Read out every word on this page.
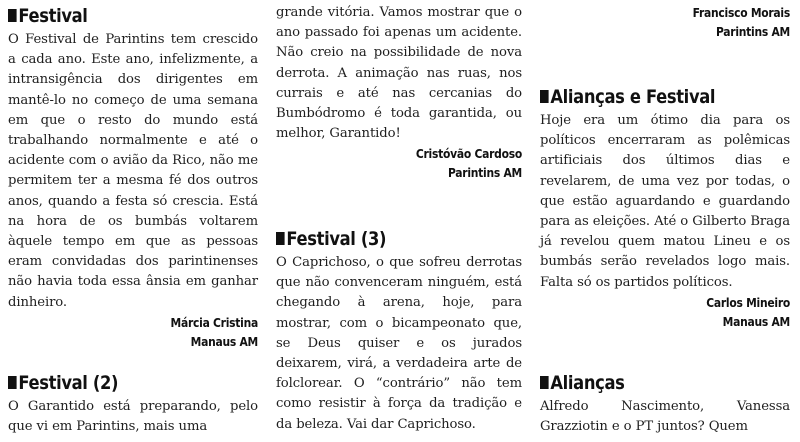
Festival

O Festival de Parintins tem crescido a cada ano. Este ano, infelizmente, a intransigência dos dirigentes em mantê-lo no começo de uma semana em que o resto do mundo está trabalhando normalmente e até o acidente com o avião da Rico, não me permitem ter a mesma fé dos outros anos, quando a festa só crescia. Está na hora de os bumbás voltarem àquele tempo em que as pessoas eram convidadas dos parintinenses não havia toda essa ânsia em ganhar dinheiro.

Márcia Cristina
Manaus AM
Festival (2)

O Garantido está preparando, pelo que vi em Parintins, mais uma

grande vitória. Vamos mostrar que o ano passado foi apenas um acidente. Não creio na possibilidade de nova derrota. A animação nas ruas, nos currais e até nas cercanias do Bumbódromo é toda garantida, ou melhor, Garantido!

Cristóvão Cardoso
Parintins AM
Festival (3)

O Caprichoso, o que sofreu derrotas que não convenceram ninguém, está chegando à arena, hoje, para mostrar, com o bicampeonato que, se Deus quiser e os jurados deixarem, virá, a verdadeira arte de folclorear. O “contrário” não tem como resistir à força da tradição e da beleza. Vai dar Caprichoso.

Francisco Morais
Parintins AM
Alianças e Festival

Hoje era um ótimo dia para os políticos encerraram as polêmicas artificiais dos últimos dias e revelarem, de uma vez por todas, o que estão aguardando e guardando para as eleições. Até o Gilberto Braga já revelou quem matou Lineu e os bumbás serão revelados logo mais. Falta só os partidos políticos.

Carlos Mineiro
Manaus AM
Alianças

Alfredo Nascimento, Vanessa Grazziotin e o PT juntos? Quem
